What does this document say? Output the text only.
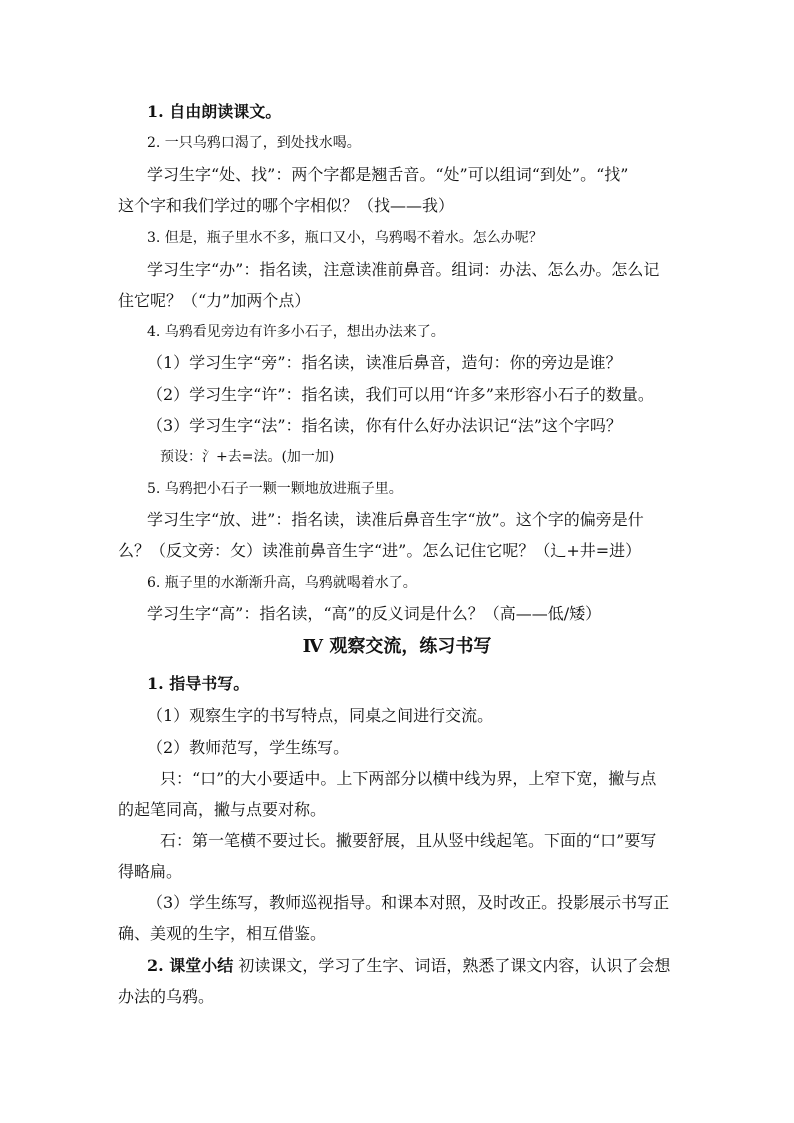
1. 自由朗读课文。
2. 一只乌鸦口渴了，到处找水喝。
学习生字“处、找”：两个字都是翘舌音。“处”可以组词“到处”。“找”
这个字和我们学过的哪个字相似？（找——我）
3. 但是，瓶子里水不多，瓶口又小，乌鸦喝不着水。怎么办呢？
学习生字“办”：指名读，注意读准前鼻音。组词：办法、怎么办。怎么记
住它呢？（“力”加两个点）
4. 乌鸦看见旁边有许多小石子，想出办法来了。
（1）学习生字“旁”：指名读，读准后鼻音，造句：你的旁边是谁？
（2）学习生字“许”：指名读，我们可以用“许多”来形容小石子的数量。
（3）学习生字“法”：指名读，你有什么好办法识记“法”这个字吗？
预设：氵+去=法。(加一加)
5. 乌鸦把小石子一颗一颗地放进瓶子里。
学习生字“放、进”：指名读，读准后鼻音生字“放”。这个字的偏旁是什
么？（反文旁：攵）读准前鼻音生字“进”。怎么记住它呢？（辶+井=进）
6. 瓶子里的水渐渐升高，乌鸦就喝着水了。
学习生字“高”：指名读，“高”的反义词是什么？（高——低/矮）
Ⅳ 观察交流，练习书写
1. 指导书写。
（1）观察生字的书写特点，同桌之间进行交流。
（2）教师范写，学生练写。
只：“口”的大小要适中。上下两部分以横中线为界，上窄下宽，撇与点
的起笔同高，撇与点要对称。
石：第一笔横不要过长。撇要舒展，且从竖中线起笔。下面的“口”要写
得略扁。
（3）学生练写，教师巡视指导。和课本对照，及时改正。投影展示书写正
确、美观的生字，相互借鉴。
2. 课堂小结 初读课文，学习了生字、词语，熟悉了课文内容，认识了会想
办法的乌鸦。
